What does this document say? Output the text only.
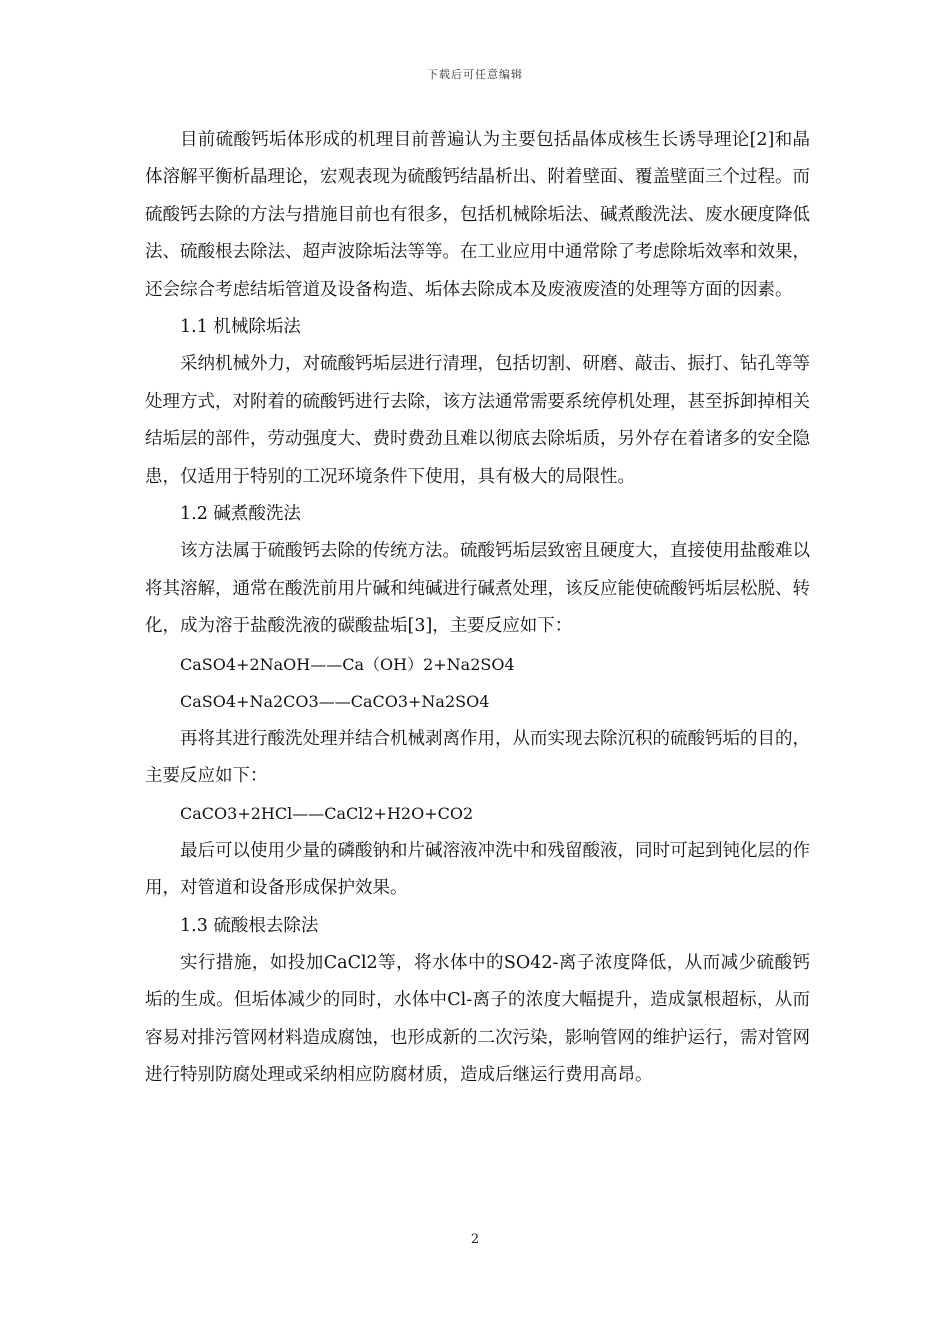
下载后可任意编辑

目前硫酸钙垢体形成的机理目前普遍认为主要包括晶体成核生长诱导理论[2]和晶体溶解平衡析晶理论，宏观表现为硫酸钙结晶析出、附着壁面、覆盖壁面三个过程。而硫酸钙去除的方法与措施目前也有很多，包括机械除垢法、碱煮酸洗法、废水硬度降低法、硫酸根去除法、超声波除垢法等等。在工业应用中通常除了考虑除垢效率和效果，还会综合考虑结垢管道及设备构造、垢体去除成本及废液废渣的处理等方面的因素。

1.1 机械除垢法

采纳机械外力，对硫酸钙垢层进行清理，包括切割、研磨、敲击、振打、钻孔等等处理方式，对附着的硫酸钙进行去除，该方法通常需要系统停机处理，甚至拆卸掉相关结垢层的部件，劳动强度大、费时费劲且难以彻底去除垢质，另外存在着诸多的安全隐患，仅适用于特别的工况环境条件下使用，具有极大的局限性。

1.2 碱煮酸洗法

该方法属于硫酸钙去除的传统方法。硫酸钙垢层致密且硬度大，直接使用盐酸难以将其溶解，通常在酸洗前用片碱和纯碱进行碱煮处理，该反应能使硫酸钙垢层松脱、转化，成为溶于盐酸洗液的碳酸盐垢[3]，主要反应如下：

CaSO4+2NaOH——Ca（OH）2+Na2SO4

CaSO4+Na2CO3——CaCO3+Na2SO4

再将其进行酸洗处理并结合机械剥离作用，从而实现去除沉积的硫酸钙垢的目的，主要反应如下：

CaCO3+2HCl——CaCl2+H2O+CO2

最后可以使用少量的磷酸钠和片碱溶液冲洗中和残留酸液，同时可起到钝化层的作用，对管道和设备形成保护效果。

1.3 硫酸根去除法

实行措施，如投加CaCl2等，将水体中的SO42-离子浓度降低，从而减少硫酸钙垢的生成。但垢体减少的同时，水体中Cl-离子的浓度大幅提升，造成氯根超标，从而容易对排污管网材料造成腐蚀，也形成新的二次污染，影响管网的维护运行，需对管网进行特别防腐处理或采纳相应防腐材质，造成后继运行费用高昂。

2
